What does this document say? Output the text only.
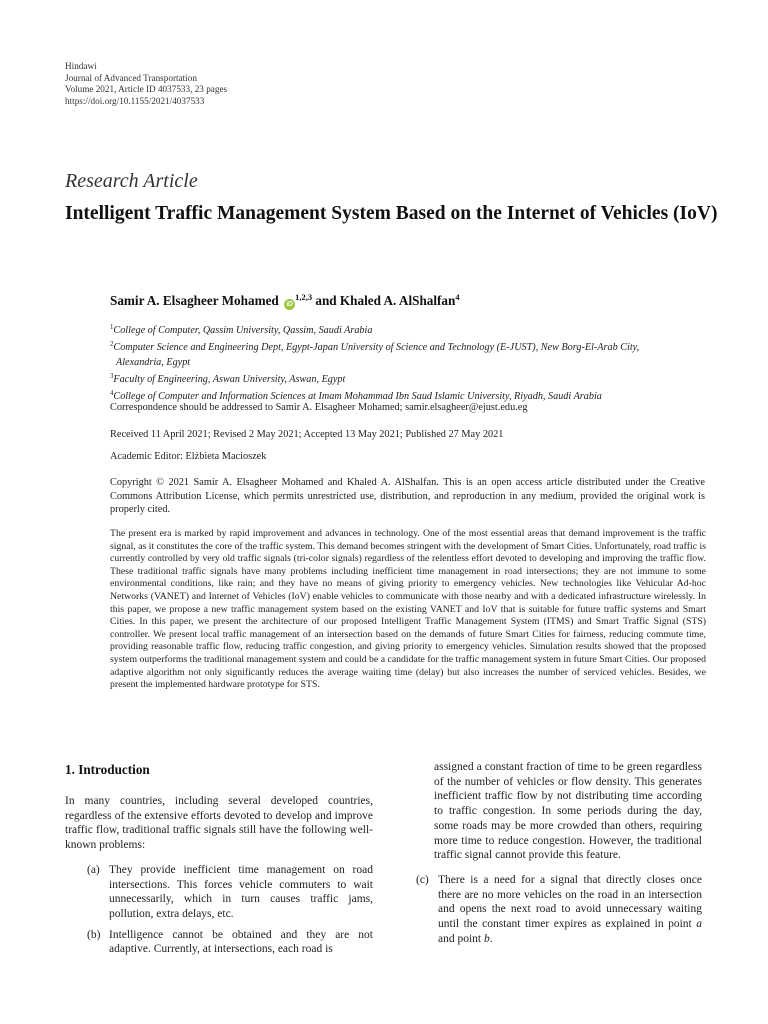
Hindawi
Journal of Advanced Transportation
Volume 2021, Article ID 4037533, 23 pages
https://doi.org/10.1155/2021/4037533
Research Article
Intelligent Traffic Management System Based on the Internet of Vehicles (IoV)
Samir A. Elsagheer Mohamed iD$^{1,2,3}$ and Khaled A. AlShalfan$^4$
$^1$College of Computer, Qassim University, Qassim, Saudi Arabia
$^2$Computer Science and Engineering Dept, Egypt-Japan University of Science and Technology (E-JUST), New Borg-El-Arab City,
Alexandria, Egypt
$^3$Faculty of Engineering, Aswan University, Aswan, Egypt
$^4$College of Computer and Information Sciences at Imam Mohammad Ibn Saud Islamic University, Riyadh, Saudi Arabia
Correspondence should be addressed to Samir A. Elsagheer Mohamed; samir.elsagheer@ejust.edu.eg
Received 11 April 2021; Revised 2 May 2021; Accepted 13 May 2021; Published 27 May 2021
Academic Editor: Elżbieta Macioszek
Copyright © 2021 Samir A. Elsagheer Mohamed and Khaled A. AlShalfan. This is an open access article distributed under the Creative Commons Attribution License, which permits unrestricted use, distribution, and reproduction in any medium, provided the original work is properly cited.
The present era is marked by rapid improvement and advances in technology. One of the most essential areas that demand improvement is the traffic signal, as it constitutes the core of the traffic system. This demand becomes stringent with the development of Smart Cities. Unfortunately, road traffic is currently controlled by very old traffic signals (tri-color signals) regardless of the relentless effort devoted to developing and improving the traffic flow. These traditional traffic signals have many problems including inefficient time management in road intersections; they are not immune to some environmental conditions, like rain; and they have no means of giving priority to emergency vehicles. New technologies like Vehicular Ad-hoc Networks (VANET) and Internet of Vehicles (IoV) enable vehicles to communicate with those nearby and with a dedicated infrastructure wirelessly. In this paper, we propose a new traffic management system based on the existing VANET and IoV that is suitable for future traffic systems and Smart Cities. In this paper, we present the architecture of our proposed Intelligent Traffic Management System (ITMS) and Smart Traffic Signal (STS) controller. We present local traffic management of an intersection based on the demands of future Smart Cities for fairness, reducing commute time, providing reasonable traffic flow, reducing traffic congestion, and giving priority to emergency vehicles. Simulation results showed that the proposed system outperforms the traditional management system and could be a candidate for the traffic management system in future Smart Cities. Our proposed adaptive algorithm not only significantly reduces the average waiting time (delay) but also increases the number of serviced vehicles. Besides, we present the implemented hardware prototype for STS.
1. Introduction

In many countries, including several developed countries, regardless of the extensive efforts devoted to develop and improve traffic flow, traditional traffic signals still have the following well-known problems:

(a) They provide inefficient time management on road intersections. This forces vehicle commuters to wait unnecessarily, which in turn causes traffic jams, pollution, extra delays, etc.
(b) Intelligence cannot be obtained and they are not adaptive. Currently, at intersections, each road is

assigned a constant fraction of time to be green regardless of the number of vehicles or flow density. This generates inefficient traffic flow by not distributing time according to traffic congestion. In some periods during the day, some roads may be more crowded than others, requiring more time to reduce congestion. However, the traditional traffic signal cannot provide this feature.

(c) There is a need for a signal that directly closes once there are no more vehicles on the road in an intersection and opens the next road to avoid unnecessary waiting until the constant timer expires as explained in point a and point b.
